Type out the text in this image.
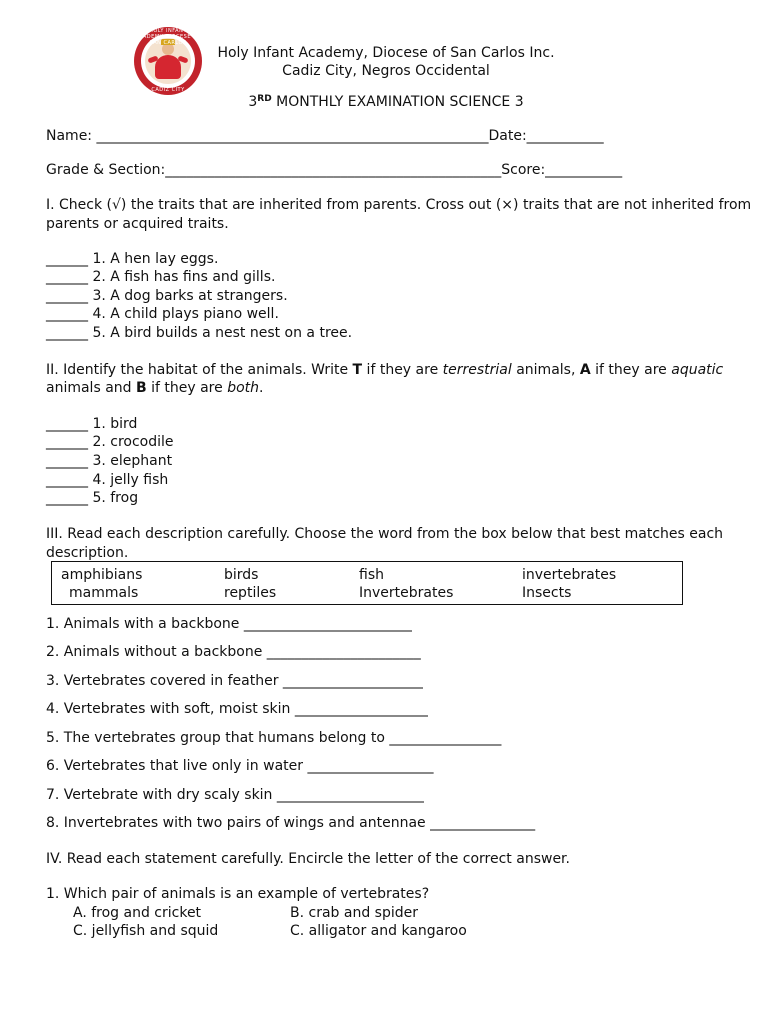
HOLY INFANT ACADEMY DIOCESE OF SAN CARLOS
CADIZ CITY
Holy Infant Academy, Diocese of San Carlos Inc.
Cadiz City, Negros Occidental
3RD MONTHLY EXAMINATION SCIENCE 3
Name: ________________________________________________________Date:___________
Grade & Section:________________________________________________Score:___________
I. Check (√) the traits that are inherited from parents. Cross out (×) traits that are not inherited from
parents or acquired traits.
______ 1. A hen lay eggs.
______ 2. A fish has fins and gills.
______ 3. A dog barks at strangers.
______ 4. A child plays piano well.
______ 5. A bird builds a nest nest on a tree.
II. Identify the habitat of the animals. Write T if they are terrestrial animals, A if they are aquatic
animals and B if they are both.
______ 1. bird
______ 2. crocodile
______ 3. elephant
______ 4. jelly fish
______ 5. frog
III. Read each description carefully. Choose the word from the box below that best matches each
description.
amphibians	birds	fish	invertebrates
mammals	reptiles	Invertebrates	Insects
1. Animals with a backbone ________________________
2. Animals without a backbone ______________________
3. Vertebrates covered in feather ____________________
4. Vertebrates with soft, moist skin ___________________
5. The vertebrates group that humans belong to ________________
6. Vertebrates that live only in water __________________
7. Vertebrate with dry scaly skin _____________________
8. Invertebrates with two pairs of wings and antennae _______________
IV. Read each statement carefully. Encircle the letter of the correct answer.
1. Which pair of animals is an example of vertebrates?
A. frog and cricket	B. crab and spider
C. jellyfish and squid	C. alligator and kangaroo
